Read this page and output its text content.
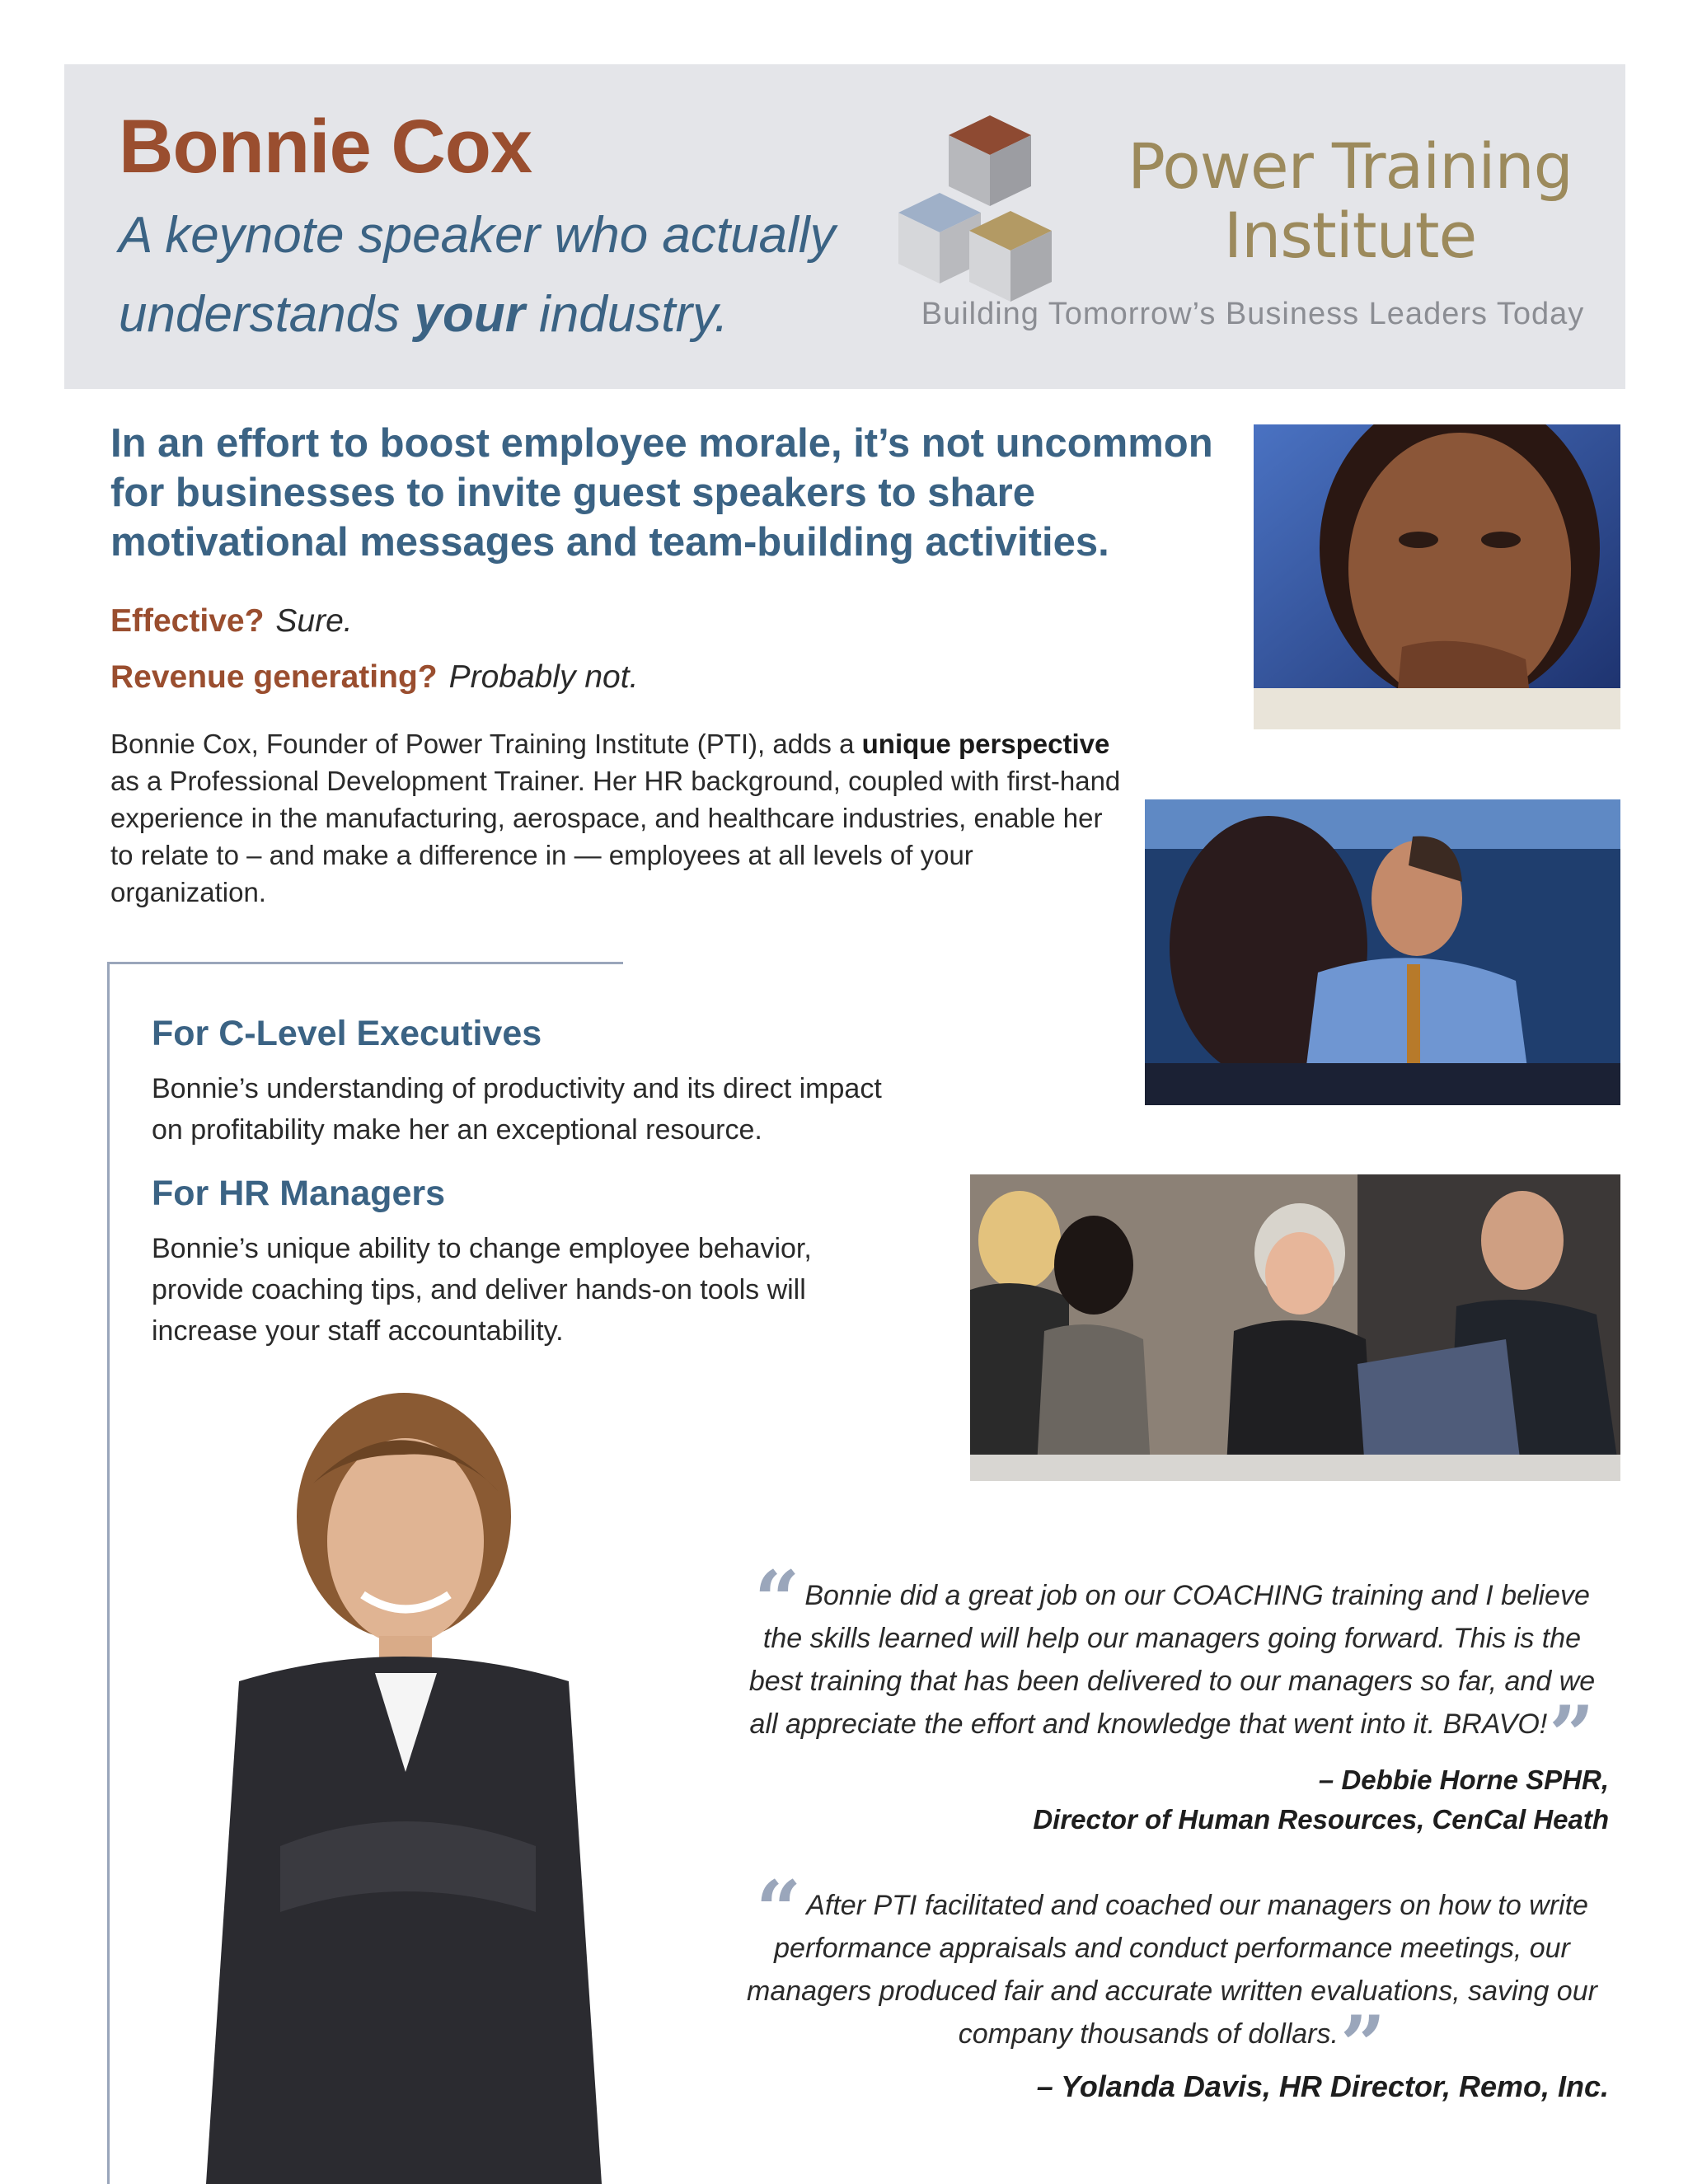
Bonnie Cox

A keynote speaker who actually understands your industry.

Power Training
Institute
Building Tomorrow’s Business Leaders Today
In an effort to boost employee morale, it’s not uncommon for businesses to invite guest speakers to share motivational messages and team-building activities.
Effective? Sure.
Revenue generating? Probably not.

Bonnie Cox, Founder of Power Training Institute (PTI), adds a unique perspective as a Professional Development Trainer. Her HR background, coupled with first-hand experience in the manufacturing, aerospace, and healthcare industries, enable her to relate to – and make a difference in — employees at all levels of your organization.

For C-Level Executives

Bonnie’s understanding of productivity and its direct impact on profitability make her an exceptional resource.

For HR Managers

Bonnie’s unique ability to change employee behavior, provide coaching tips, and deliver hands-on tools will increase your staff accountability.

“ Bonnie did a great job on our COACHING training and I believe the skills learned will help our managers going forward. This is the best training that has been delivered to our managers so far, and we all appreciate the effort and knowledge that went into it. BRAVO!”

– Debbie Horne SPHR,

Director of Human Resources, CenCal Heath

“ After PTI facilitated and coached our managers on how to write performance appraisals and conduct performance meetings, our managers produced fair and accurate written evaluations, saving our company thousands of dollars.”

– Yolanda Davis, HR Director, Remo, Inc.
